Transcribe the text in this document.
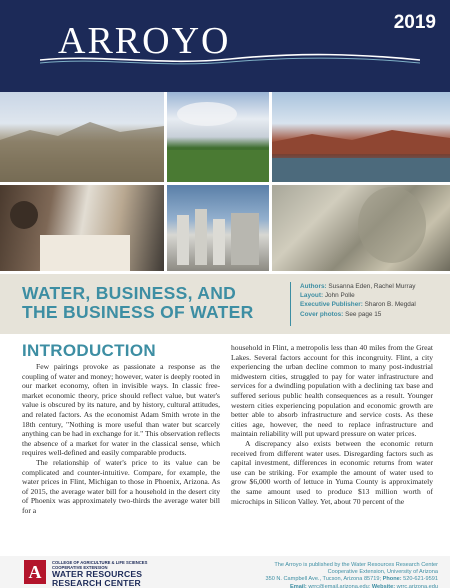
ARROYO	2019
WATER, BUSINESS, AND
THE BUSINESS OF WATER
Authors: Susanna Eden, Rachel Murray
Layout: John Polle
Executive Publisher: Sharon B. Megdal
Cover photos: See page 15
INTRODUCTION

Few pairings provoke as passionate a response as the coupling of water and money; however, water is deeply rooted in our market economy, often in invisible ways. In classic free-market economic theory, price should reflect value, but water's value is obscured by its nature, and by history, cultural attitudes, and related factors. As the economist Adam Smith wrote in the 18th century, "Nothing is more useful than water but scarcely anything can be had in exchange for it." This observation reflects the absence of a market for water in the classical sense, which requires well-defined and easily comparable products.

The relationship of water's price to its value can be complicated and counter-intuitive. Compare, for example, the water prices in Flint, Michigan to those in Phoenix, Arizona. As of 2015, the average water bill for a household in the desert city of Phoenix was approximately two-thirds the average water bill for a

household in Flint, a metropolis less than 40 miles from the Great Lakes. Several factors account for this incongruity. Flint, a city experiencing the urban decline common to many post-industrial midwestern cities, struggled to pay for water infrastructure and services for a dwindling population with a declining tax base and suffered serious public health consequences as a result. Younger western cities experiencing population and economic growth are better able to absorb infrastructure and service costs. As these cities age, however, the need to replace infrastructure and maintain reliability will put upward pressure on water prices.

A discrepancy also exists between the economic return received from different water uses. Disregarding factors such as capital investment, differences in economic returns from water use can be striking. For example the amount of water used to grow $6,000 worth of lettuce in Yuma County is approximately the same amount used to produce $13 million worth of microchips in Silicon Valley. Yet, about 70 percent of the

A	COLLEGE OF AGRICULTURE & LIFE SCIENCES
COOPERATIVE EXTENSION
WATER RESOURCES
RESEARCH CENTER
The Arroyo is published by the Water Resources Research Center
Cooperative Extension, University of Arizona
350 N. Campbell Ave., Tucson, Arizona 85719; Phone: 520-621-9591
Email: wrrc@email.arizona.edu; Website: wrrc.arizona.edu
